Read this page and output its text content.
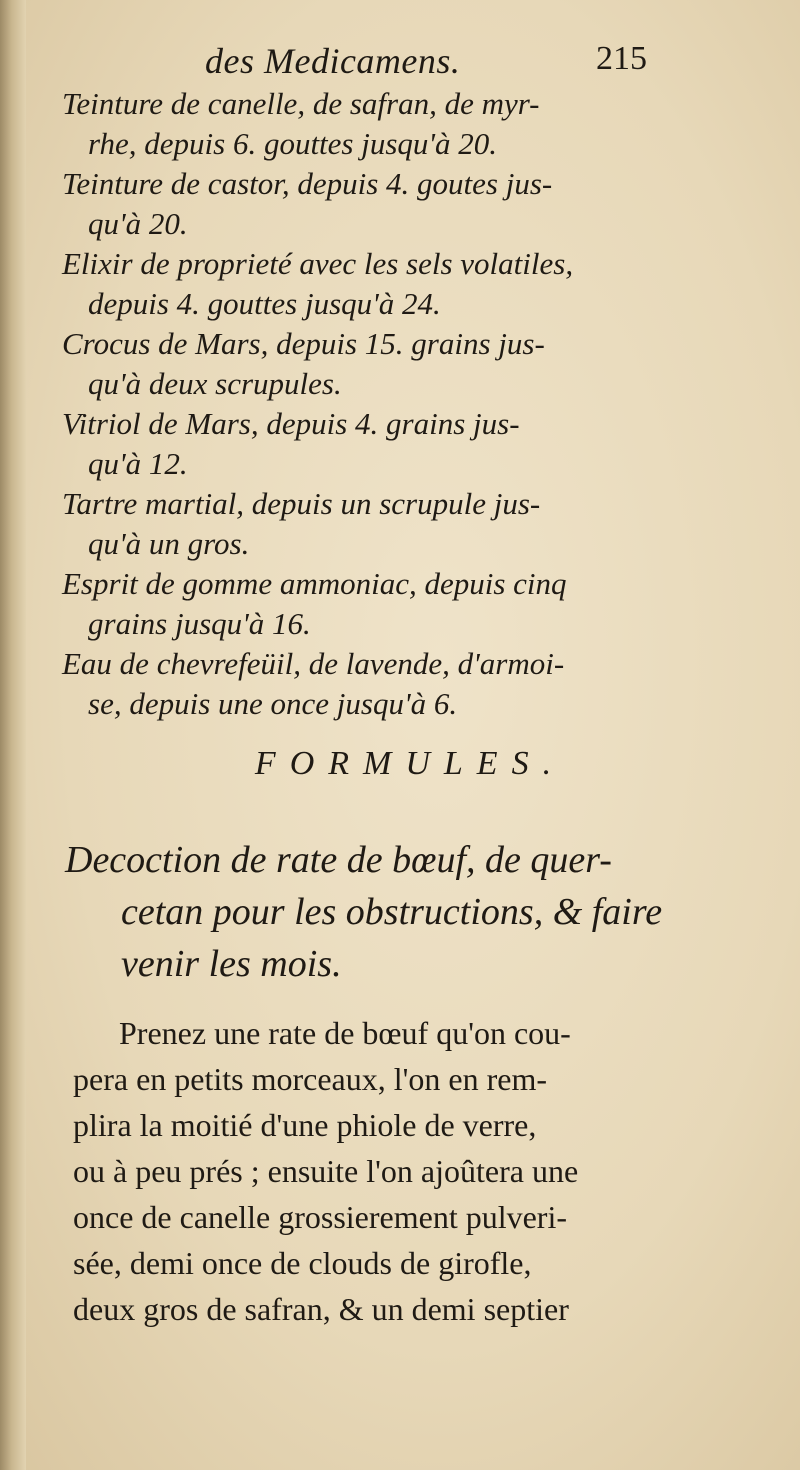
des Medicamens.	215
Teinture de canelle, de safran, de myr-
rhe, depuis 6. gouttes jusqu'à 20.
Teinture de castor, depuis 4. goutes jus-
qu'à 20.
Elixir de proprieté avec les sels volatiles,
depuis 4. gouttes jusqu'à 24.
Crocus de Mars, depuis 15. grains jus-
qu'à deux scrupules.
Vitriol de Mars, depuis 4. grains jus-
qu'à 12.
Tartre martial, depuis un scrupule jus-
qu'à un gros.
Esprit de gomme ammoniac, depuis cinq
grains jusqu'à 16.
Eau de chevrefeüil, de lavende, d'armoi-
se, depuis une once jusqu'à 6.
FORMULES.
Decoction de rate de bœuf, de quer-
cetan pour les obstructions, & faire
venir les mois.
Prenez une rate de bœuf qu'on cou-
pera en petits morceaux, l'on en rem-
plira la moitié d'une phiole de verre,
ou à peu prés ; ensuite l'on ajoûtera une
once de canelle grossierement pulveri-
sée, demi once de clouds de girofle,
deux gros de safran, & un demi septier
